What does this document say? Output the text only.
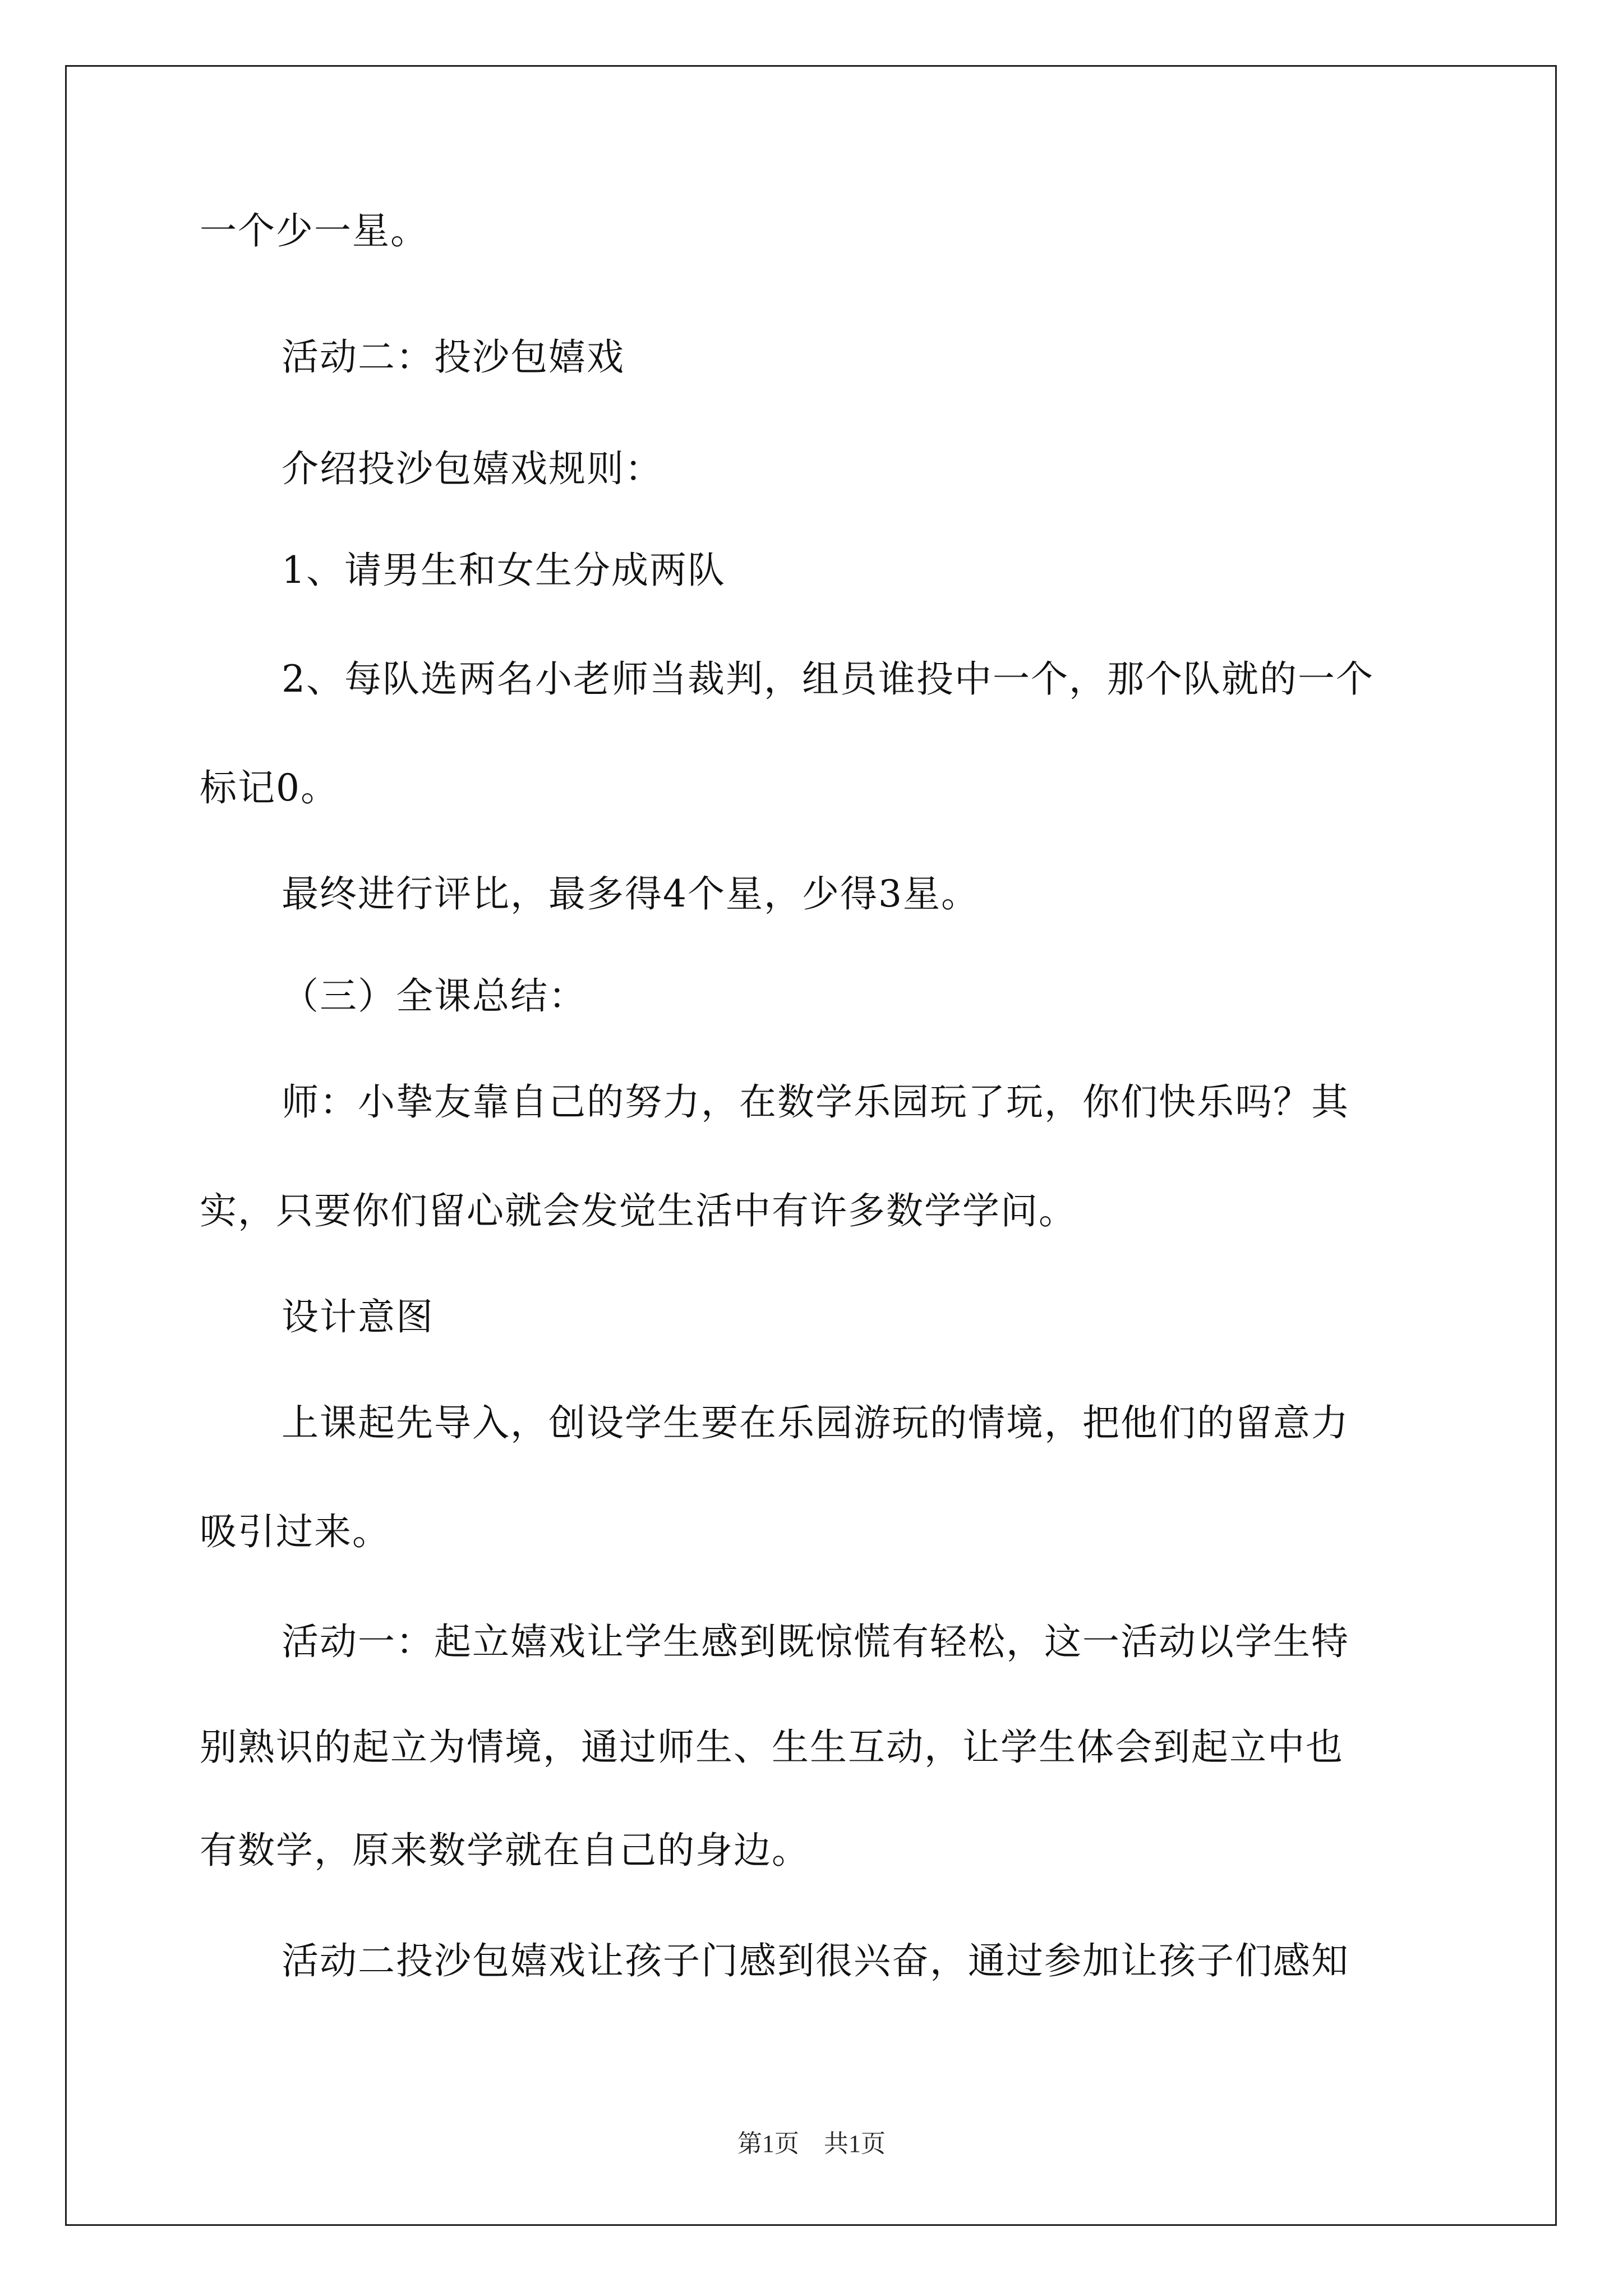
一个少一星。
活动二：投沙包嬉戏
介绍投沙包嬉戏规则：
1、请男生和女生分成两队
2、每队选两名小老师当裁判，组员谁投中一个，那个队就的一个
标记0。
最终进行评比，最多得4个星，少得3星。
（三）全课总结：
师：小挚友靠自己的努力，在数学乐园玩了玩，你们快乐吗？其
实，只要你们留心就会发觉生活中有许多数学学问。
设计意图
上课起先导入，创设学生要在乐园游玩的情境，把他们的留意力
吸引过来。
活动一：起立嬉戏让学生感到既惊慌有轻松，这一活动以学生特
别熟识的起立为情境，通过师生、生生互动，让学生体会到起立中也
有数学，原来数学就在自己的身边。
活动二投沙包嬉戏让孩子门感到很兴奋，通过参加让孩子们感知
第1页　共1页
